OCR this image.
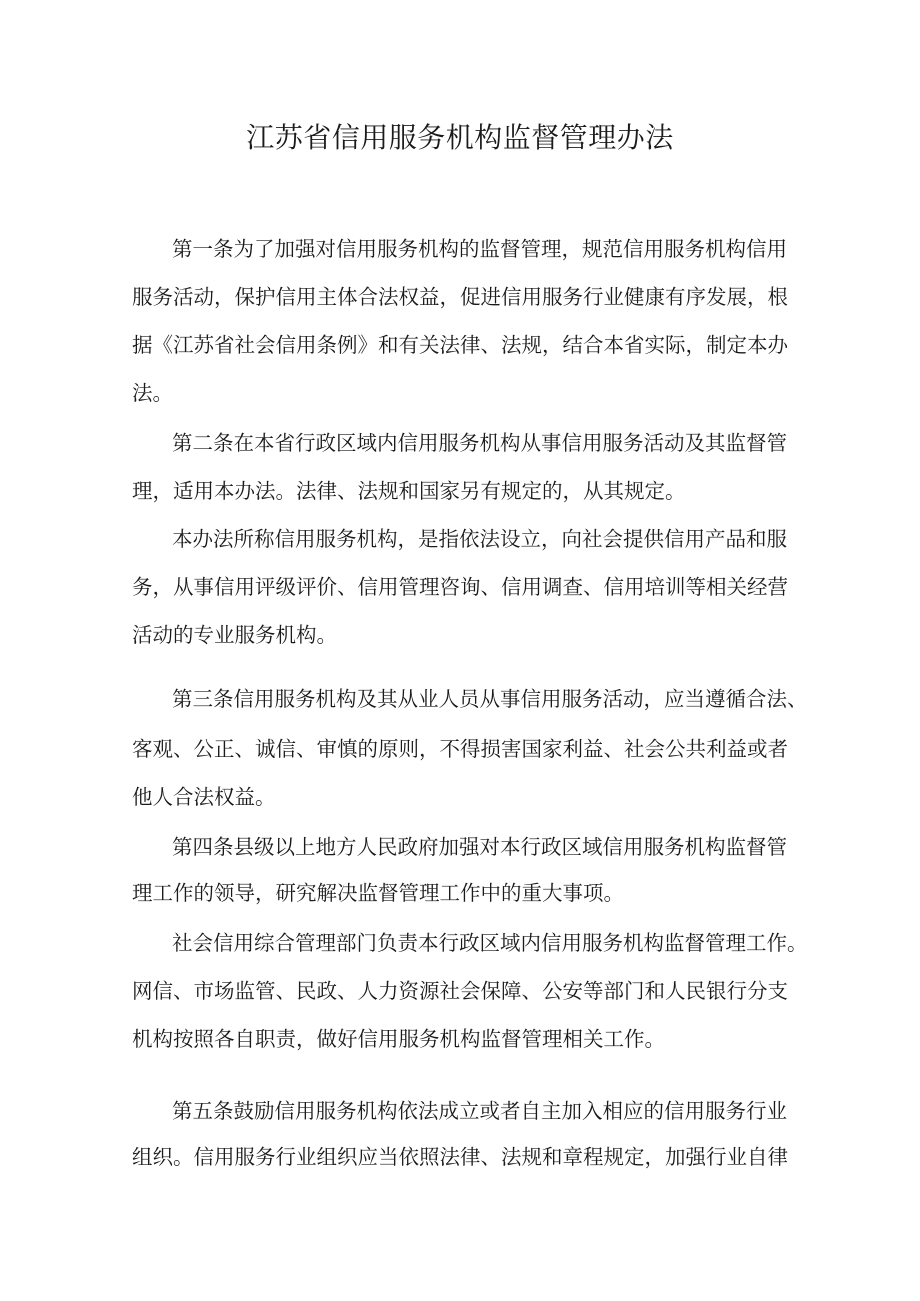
江苏省信用服务机构监督管理办法

第一条为了加强对信用服务机构的监督管理，规范信用服务机构信用

服务活动，保护信用主体合法权益，促进信用服务行业健康有序发展，根

据《江苏省社会信用条例》和有关法律、法规，结合本省实际，制定本办

法。

第二条在本省行政区域内信用服务机构从事信用服务活动及其监督管

理，适用本办法。法律、法规和国家另有规定的，从其规定。

本办法所称信用服务机构，是指依法设立，向社会提供信用产品和服

务，从事信用评级评价、信用管理咨询、信用调查、信用培训等相关经营

活动的专业服务机构。

第三条信用服务机构及其从业人员从事信用服务活动，应当遵循合法、

客观、公正、诚信、审慎的原则，不得损害国家利益、社会公共利益或者

他人合法权益。

第四条县级以上地方人民政府加强对本行政区域信用服务机构监督管

理工作的领导，研究解决监督管理工作中的重大事项。

社会信用综合管理部门负责本行政区域内信用服务机构监督管理工作。

网信、市场监管、民政、人力资源社会保障、公安等部门和人民银行分支

机构按照各自职责，做好信用服务机构监督管理相关工作。

第五条鼓励信用服务机构依法成立或者自主加入相应的信用服务行业

组织。信用服务行业组织应当依照法律、法规和章程规定，加强行业自律
